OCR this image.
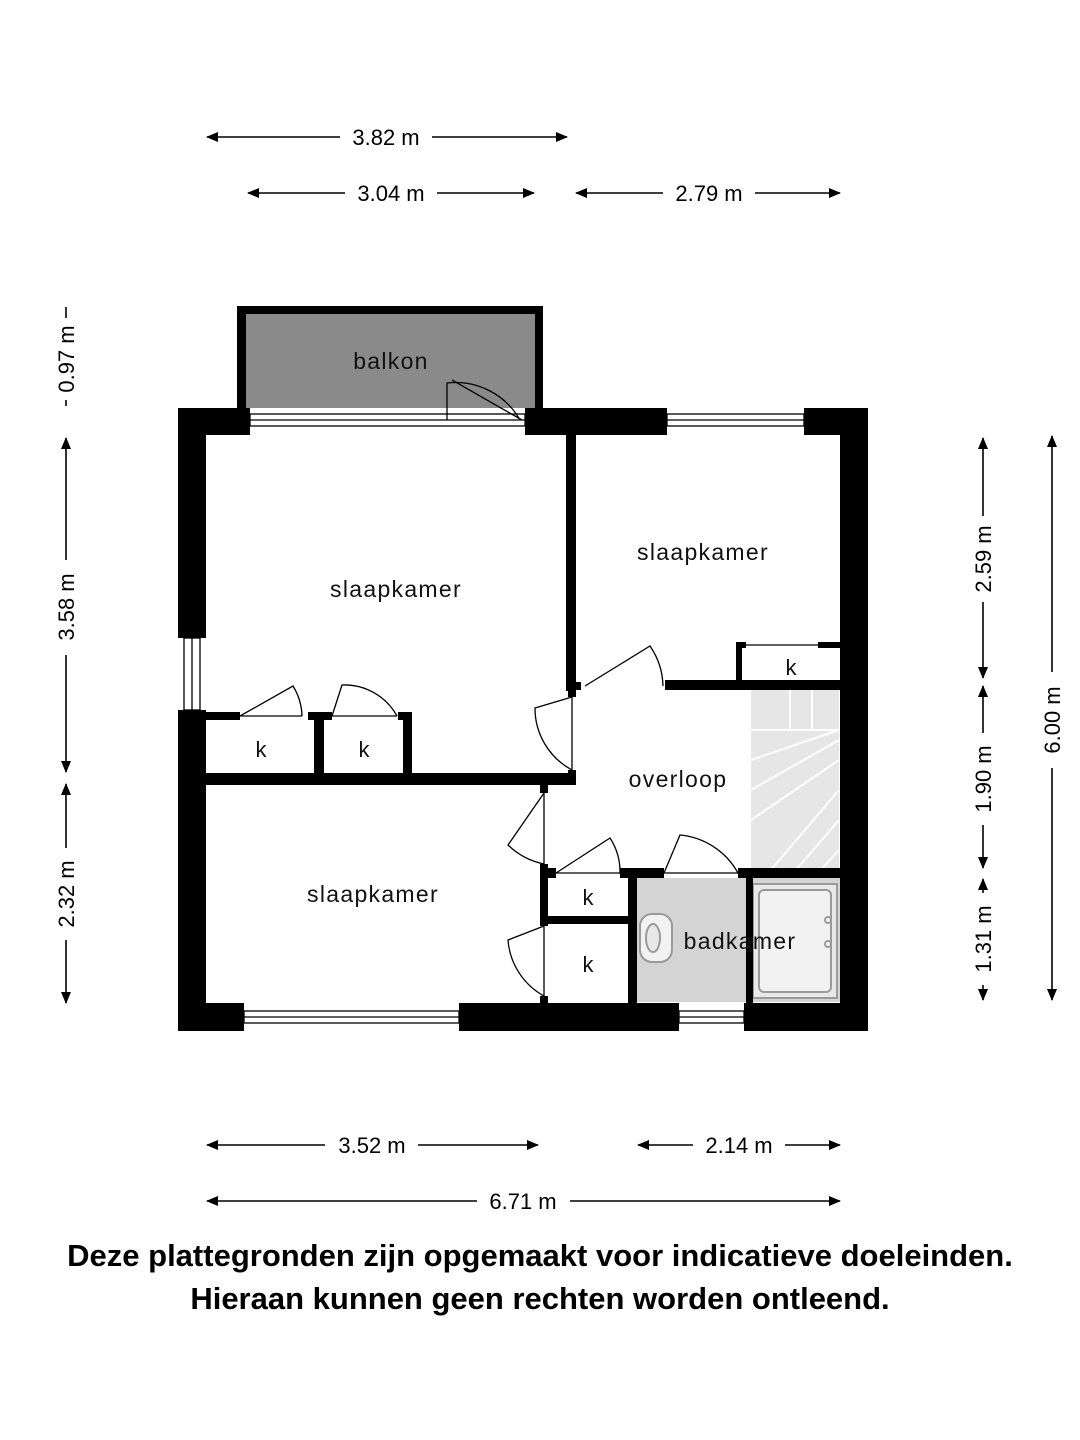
3.82 m
3.04 m	2.79 m
3.52 m	2.14 m
6.71 m
0.97 m
3.58 m
2.32 m
2.59 m
1.90 m
1.31 m
6.00 m
balkon
slaapkamer
slaapkamer
slaapkamer
overloop
badkamer
k	k
k
k
k
Deze plattegronden zijn opgemaakt voor indicatieve doeleinden.
Hieraan kunnen geen rechten worden ontleend.
